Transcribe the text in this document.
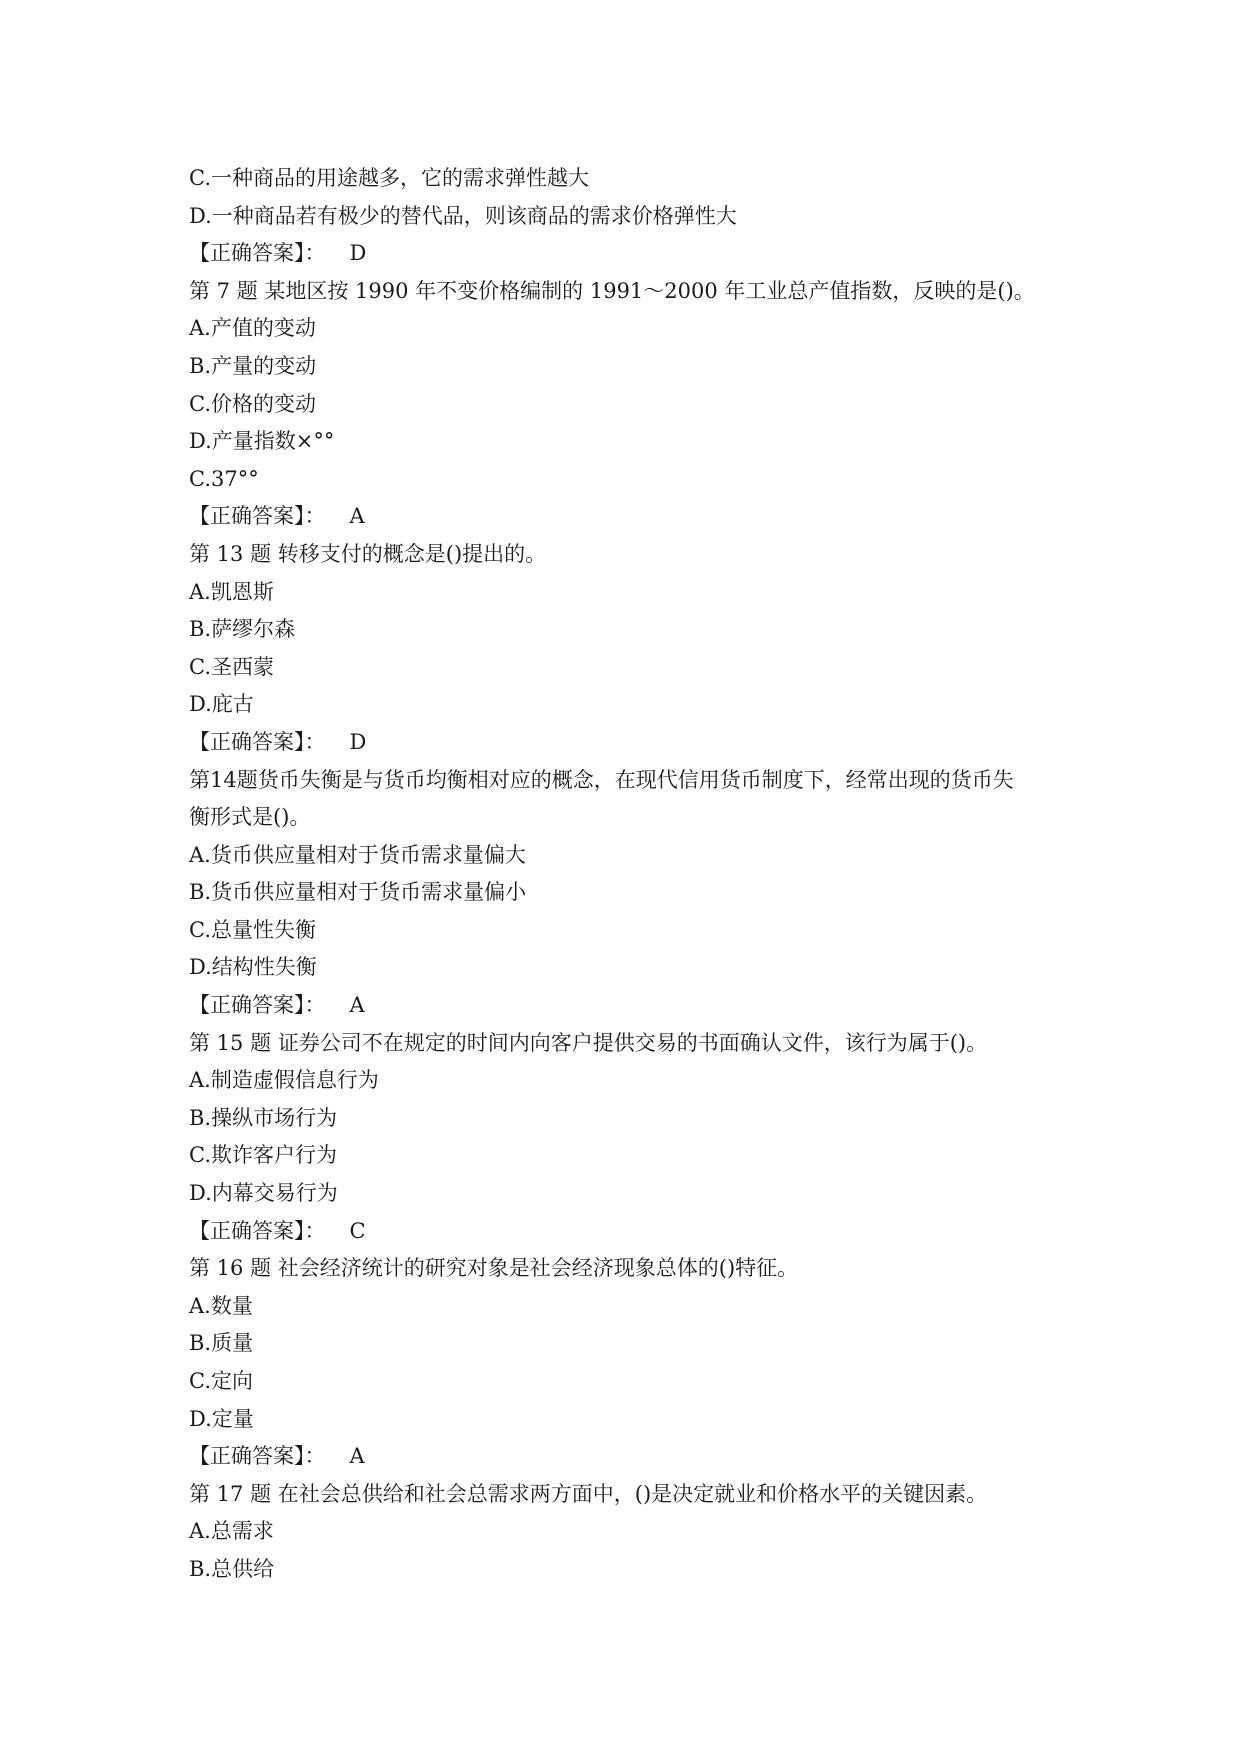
C.一种商品的用途越多，它的需求弹性越大
D.一种商品若有极少的替代品，则该商品的需求价格弹性大
【正确答案】： D
第 7 题 某地区按 1990 年不变价格编制的 1991～2000 年工业总产值指数，反映的是()。
A.产值的变动
B.产量的变动
C.价格的变动
D.产量指数×°°
C.37°°
【正确答案】： A
第 13 题 转移支付的概念是()提出的。
A.凯恩斯
B.萨缪尔森
C.圣西蒙
D.庇古
【正确答案】： D
第14题货币失衡是与货币均衡相对应的概念，在现代信用货币制度下，经常出现的货币失
衡形式是()。
A.货币供应量相对于货币需求量偏大
B.货币供应量相对于货币需求量偏小
C.总量性失衡
D.结构性失衡
【正确答案】： A
第 15 题 证券公司不在规定的时间内向客户提供交易的书面确认文件，该行为属于()。
A.制造虚假信息行为
B.操纵市场行为
C.欺诈客户行为
D.内幕交易行为
【正确答案】： C
第 16 题 社会经济统计的研究对象是社会经济现象总体的()特征。
A.数量
B.质量
C.定向
D.定量
【正确答案】： A
第 17 题 在社会总供给和社会总需求两方面中，()是决定就业和价格水平的关键因素。
A.总需求
B.总供给
